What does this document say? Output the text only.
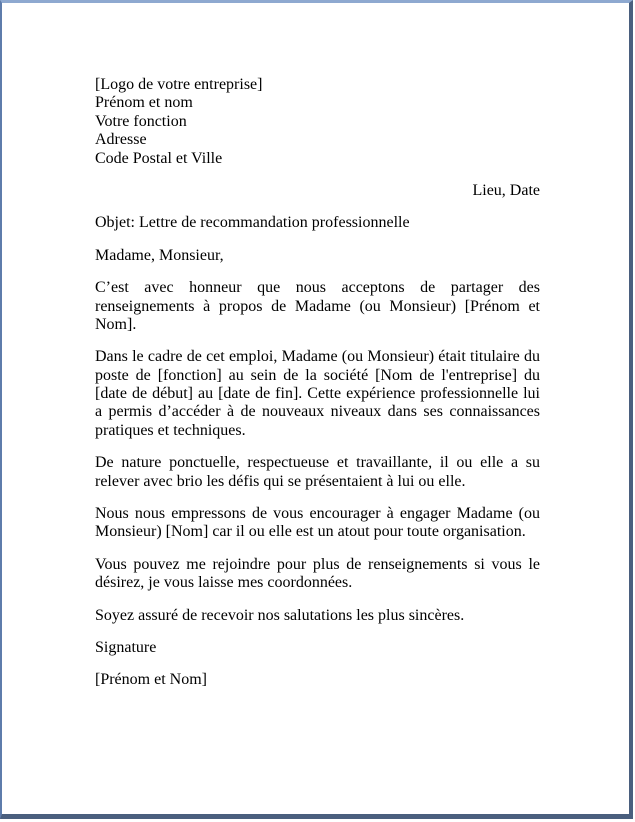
[Logo de votre entreprise]
Prénom et nom
Votre fonction
Adresse
Code Postal et Ville
Lieu, Date
Objet: Lettre de recommandation professionnelle
Madame, Monsieur,
C’est avec honneur que nous acceptons de partager des
renseignements à propos de Madame (ou Monsieur) [Prénom et
Nom].
Dans le cadre de cet emploi, Madame (ou Monsieur) était titulaire du
poste de [fonction] au sein de la société [Nom de l'entreprise] du
[date de début] au [date de fin]. Cette expérience professionnelle lui
a permis d’accéder à de nouveaux niveaux dans ses connaissances
pratiques et techniques.
De nature ponctuelle, respectueuse et travaillante, il ou elle a su
relever avec brio les défis qui se présentaient à lui ou elle.
Nous nous empressons de vous encourager à engager Madame (ou
Monsieur) [Nom] car il ou elle est un atout pour toute organisation.
Vous pouvez me rejoindre pour plus de renseignements si vous le
désirez, je vous laisse mes coordonnées.
Soyez assuré de recevoir nos salutations les plus sincères.
Signature
[Prénom et Nom]
